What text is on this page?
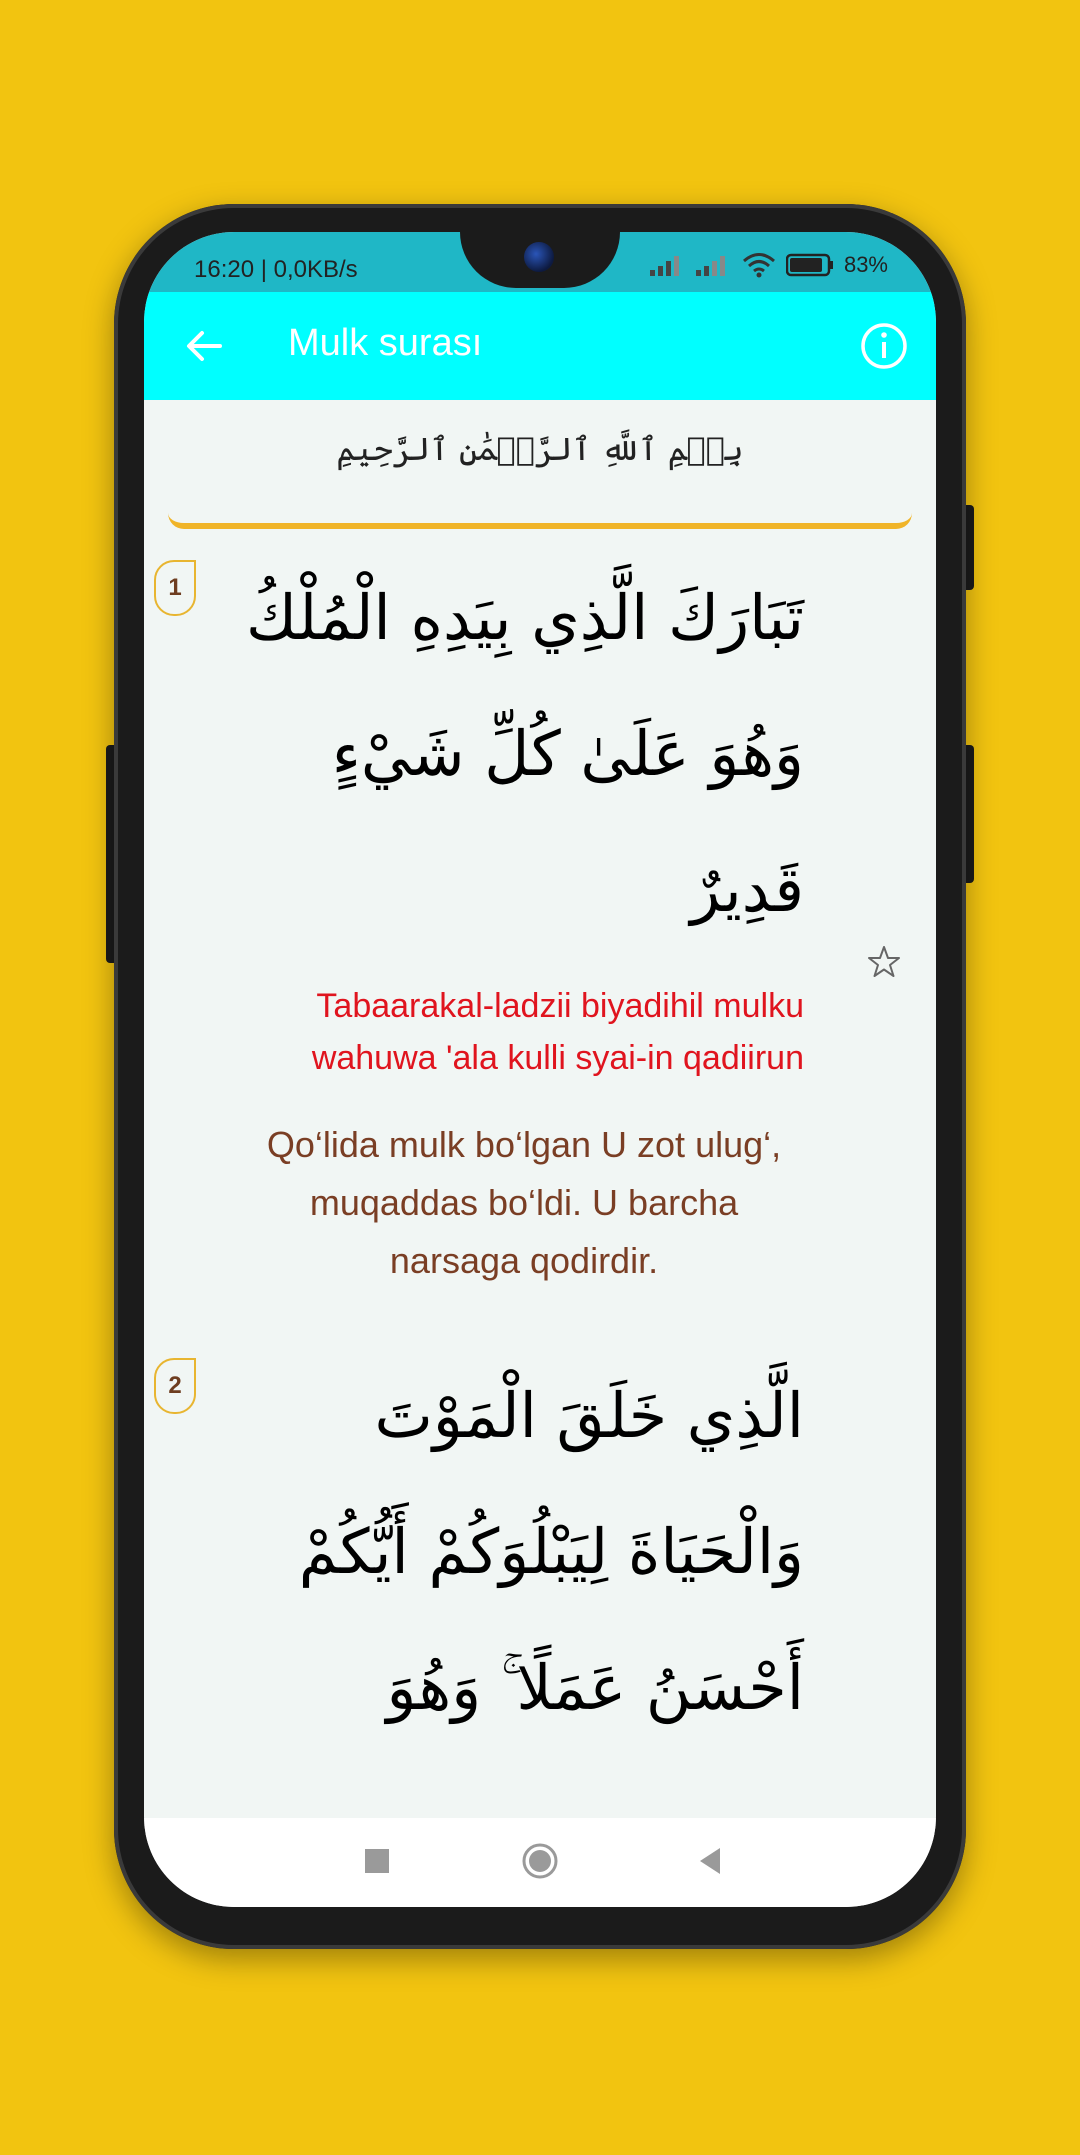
16:20 | 0,0KB/s	83%
Mulk surası
بِسۡمِ ٱللَّهِ ٱلرَّحۡمَٰنِ ٱلرَّحِيمِ
1	تَبَارَكَ الَّذِي بِيَدِهِ الْمُلْكُ
وَهُوَ عَلَىٰ كُلِّ شَيْءٍ
قَدِيرٌ
Tabaarakal-ladzii biyadihil mulku
wahuwa 'ala kulli syai-in qadiirun
Qo‘lida mulk bo‘lgan U zot ulug‘,
muqaddas bo‘ldi. U barcha
narsaga qodirdir.
2	الَّذِي خَلَقَ الْمَوْتَ
وَالْحَيَاةَ لِيَبْلُوَكُمْ أَيُّكُمْ
أَحْسَنُ عَمَلًا ۚ وَهُوَ
